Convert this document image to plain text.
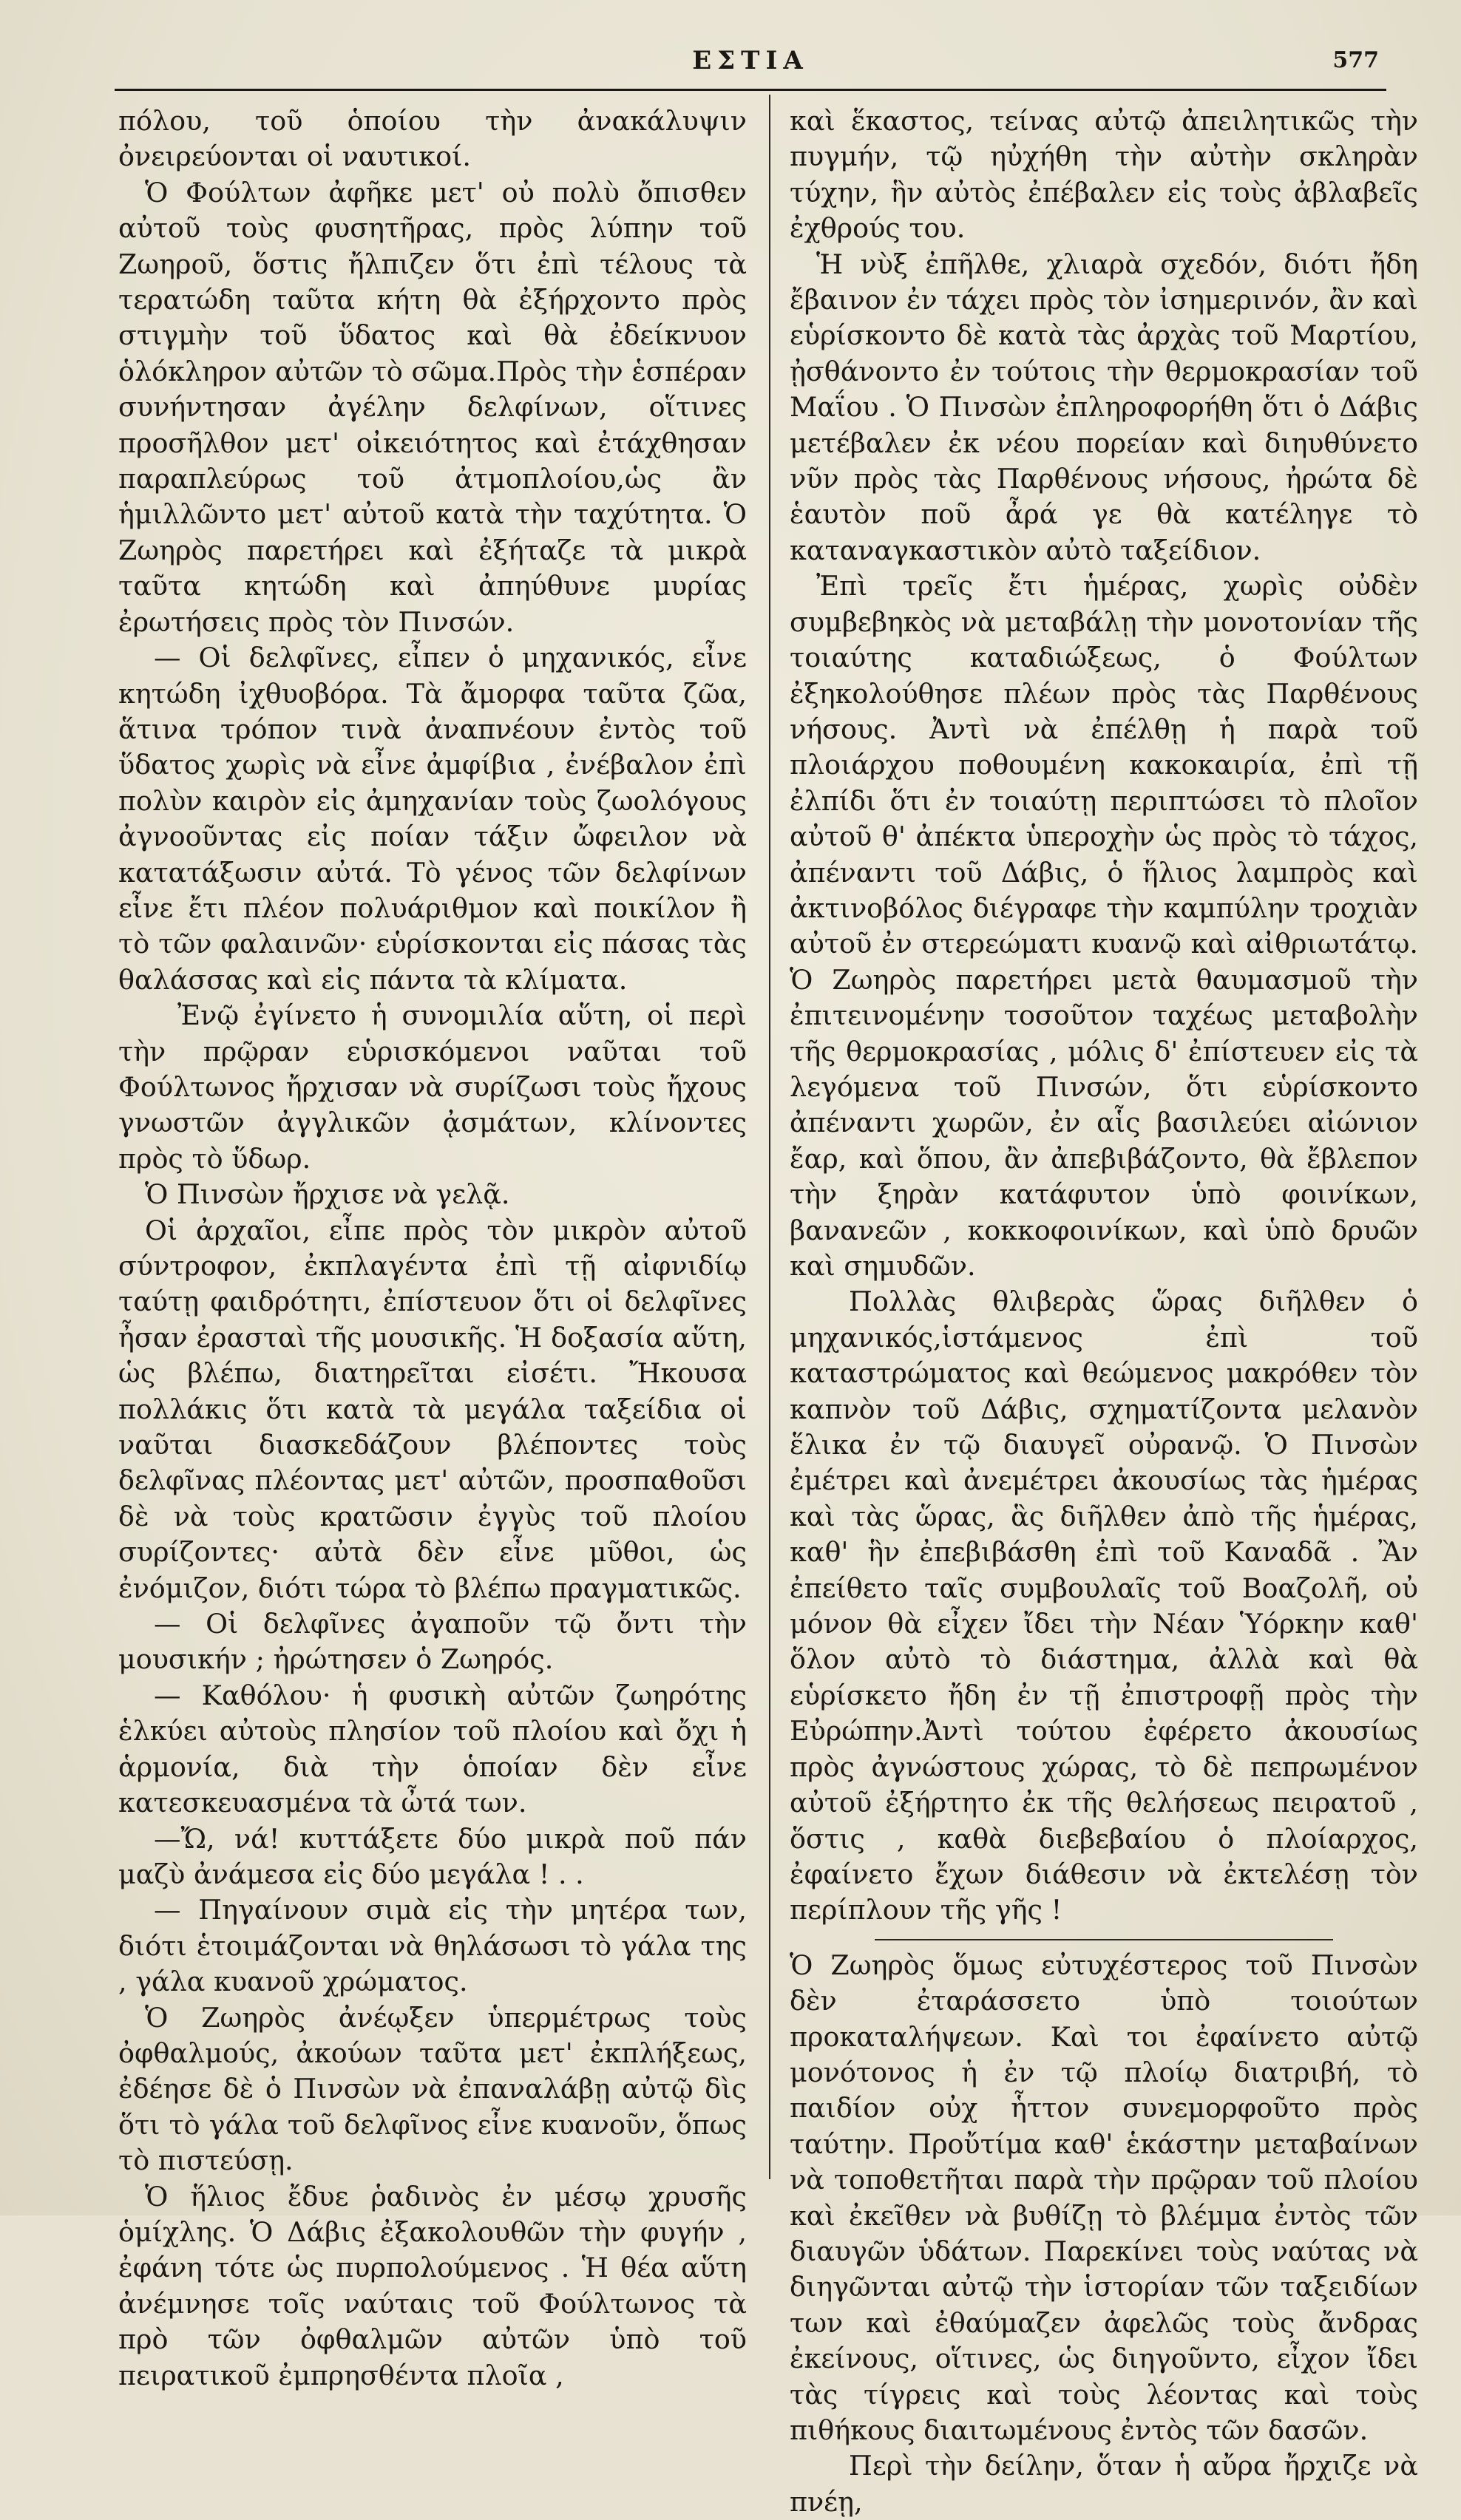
ΕΣΤΙΑ	577

πόλου, τοῦ ὁποίου τὴν ἀνακάλυψιν ὀνειρεύονται οἱ ναυτικοί.

Ὁ Φούλτων ἀφῆκε μετ' οὐ πολὺ ὄπισθεν αὐτοῦ τοὺς φυσητῆρας, πρὸς λύπην τοῦ Ζωηροῦ, ὅστις ἤλπιζεν ὅτι ἐπὶ τέλους τὰ τερατώδη ταῦτα κήτη θὰ ἐξήρχοντο πρὸς στιγμὴν τοῦ ὕδατος καὶ θὰ ἐδείκνυον ὁλόκληρον αὐτῶν τὸ σῶμα.Πρὸς τὴν ἑσπέραν συνήντησαν ἀγέλην δελφίνων, οἵτινες προσῆλθον μετ' οἰκειότητος καὶ ἐτάχθησαν παραπλεύρως τοῦ ἀτμοπλοίου,ὡς ἂν ἡμιλλῶντο μετ' αὐτοῦ κατὰ τὴν ταχύτητα. Ὁ Ζωηρὸς παρετήρει καὶ ἐξήταζε τὰ μικρὰ ταῦτα κητώδη καὶ ἀπηύθυνε μυρίας ἐρωτήσεις πρὸς τὸν Πινσών.

— Οἱ δελφῖνες, εἶπεν ὁ μηχανικός, εἶνε κητώδη ἰχθυοβόρα. Τὰ ἄμορφα ταῦτα ζῶα, ἅτινα τρόπον τινὰ ἀναπνέουν ἐντὸς τοῦ ὕδατος χωρὶς νὰ εἶνε ἀμφίβια , ἐνέβαλον ἐπὶ πολὺν καιρὸν εἰς ἀμηχανίαν τοὺς ζωολόγους ἀγνοοῦντας εἰς ποίαν τάξιν ὤφειλον νὰ κατατάξωσιν αὐτά. Τὸ γένος τῶν δελφίνων εἶνε ἔτι πλέον πολυάριθμον καὶ ποικίλον ἢ τὸ τῶν φαλαινῶν· εὑρίσκονται εἰς πάσας τὰς θαλάσσας καὶ εἰς πάντα τὰ κλίματα.

Ἐνῷ ἐγίνετο ἡ συνομιλία αὕτη, οἱ περὶ τὴν πρῷραν εὑρισκόμενοι ναῦται τοῦ Φούλτωνος ἤρχισαν νὰ συρίζωσι τοὺς ἤχους γνωστῶν ἀγγλικῶν ᾀσμάτων, κλίνοντες πρὸς τὸ ὕδωρ.

Ὁ Πινσὼν ἤρχισε νὰ γελᾷ.

Οἱ ἀρχαῖοι, εἶπε πρὸς τὸν μικρὸν αὐτοῦ σύντροφον, ἐκπλαγέντα ἐπὶ τῇ αἰφνιδίῳ ταύτῃ φαιδρότητι, ἐπίστευον ὅτι οἱ δελφῖνες ἦσαν ἐρασταὶ τῆς μουσικῆς. Ἡ δοξασία αὕτη, ὡς βλέπω, διατηρεῖται εἰσέτι. Ἤκουσα πολλάκις ὅτι κατὰ τὰ μεγάλα ταξείδια οἱ ναῦται διασκεδάζουν βλέποντες τοὺς δελφῖνας πλέοντας μετ' αὐτῶν, προσπαθοῦσι δὲ νὰ τοὺς κρατῶσιν ἐγγὺς τοῦ πλοίου συρίζοντες· αὐτὰ δὲν εἶνε μῦθοι, ὡς ἐνόμιζον, διότι τώρα τὸ βλέπω πραγματικῶς.

— Οἱ δελφῖνες ἀγαποῦν τῷ ὄντι τὴν μουσικήν ; ἠρώτησεν ὁ Ζωηρός.

— Καθόλου· ἡ φυσικὴ αὐτῶν ζωηρότης ἑλκύει αὐτοὺς πλησίον τοῦ πλοίου καὶ ὄχι ἡ ἁρμονία, διὰ τὴν ὁποίαν δὲν εἶνε κατεσκευασμένα τὰ ὦτά των.

—Ὤ, νά! κυττάξετε δύο μικρὰ ποῦ πάν μαζὺ ἀνάμεσα εἰς δύο μεγάλα ! . .

— Πηγαίνουν σιμὰ εἰς τὴν μητέρα των, διότι ἑτοιμάζονται νὰ θηλάσωσι τὸ γάλα της , γάλα κυανοῦ χρώματος.

Ὁ Ζωηρὸς ἀνέῳξεν ὑπερμέτρως τοὺς ὀφθαλμούς, ἀκούων ταῦτα μετ' ἐκπλήξεως, ἐδέησε δὲ ὁ Πινσὼν νὰ ἐπαναλάβῃ αὐτῷ δὶς ὅτι τὸ γάλα τοῦ δελφῖνος εἶνε κυανοῦν, ὅπως τὸ πιστεύσῃ.

Ὁ ἥλιος ἔδυε ῥαδινὸς ἐν μέσῳ χρυσῆς ὁμίχλης. Ὁ Δάβις ἐξακολουθῶν τὴν φυγήν , ἐφάνη τότε ὡς πυρπολούμενος . Ἡ θέα αὕτη ἀνέμνησε τοῖς ναύταις τοῦ Φούλτωνος τὰ πρὸ τῶν ὀφθαλμῶν αὐτῶν ὑπὸ τοῦ πειρατικοῦ ἐμπρησθέντα πλοῖα ,

καὶ ἕκαστος, τείνας αὐτῷ ἀπειλητικῶς τὴν πυγμήν, τῷ ηὐχήθη τὴν αὐτὴν σκληρὰν τύχην, ἣν αὐτὸς ἐπέβαλεν εἰς τοὺς ἀβλαβεῖς ἐχθρούς του.

Ἡ νὺξ ἐπῆλθε, χλιαρὰ σχεδόν, διότι ἤδη ἔβαινον ἐν τάχει πρὸς τὸν ἰσημερινόν, ἂν καὶ εὑρίσκοντο δὲ κατὰ τὰς ἀρχὰς τοῦ Μαρτίου, ᾐσθάνοντο ἐν τούτοις τὴν θερμοκρασίαν τοῦ Μαΐου . Ὁ Πινσὼν ἐπληροφορήθη ὅτι ὁ Δάβις μετέβαλεν ἐκ νέου πορείαν καὶ διηυθύνετο νῦν πρὸς τὰς Παρθένους νήσους, ἠρώτα δὲ ἑαυτὸν ποῦ ἆρά γε θὰ κατέληγε τὸ καταναγκαστικὸν αὐτὸ ταξείδιον.

Ἐπὶ τρεῖς ἔτι ἡμέρας, χωρὶς οὐδὲν συμβεβηκὸς νὰ μεταβάλῃ τὴν μονοτονίαν τῆς τοιαύτης καταδιώξεως, ὁ Φούλτων ἐξηκολούθησε πλέων πρὸς τὰς Παρθένους νήσους. Ἀντὶ νὰ ἐπέλθῃ ἡ παρὰ τοῦ πλοιάρχου ποθουμένη κακοκαιρία, ἐπὶ τῇ ἐλπίδι ὅτι ἐν τοιαύτῃ περιπτώσει τὸ πλοῖον αὐτοῦ θ' ἀπέκτα ὑπεροχὴν ὡς πρὸς τὸ τάχος, ἀπέναντι τοῦ Δάβις, ὁ ἥλιος λαμπρὸς καὶ ἀκτινοβόλος διέγραφε τὴν καμπύλην τροχιὰν αὐτοῦ ἐν στερεώματι κυανῷ καὶ αἰθριωτάτῳ. Ὁ Ζωηρὸς παρετήρει μετὰ θαυμασμοῦ τὴν ἐπιτεινομένην τοσοῦτον ταχέως μεταβολὴν τῆς θερμοκρασίας , μόλις δ' ἐπίστευεν εἰς τὰ λεγόμενα τοῦ Πινσών, ὅτι εὑρίσκοντο ἀπέναντι χωρῶν, ἐν αἷς βασιλεύει αἰώνιον ἔαρ, καὶ ὅπου, ἂν ἀπεβιβάζοντο, θὰ ἔβλεπον τὴν ξηρὰν κατάφυτον ὑπὸ φοινίκων, βανανεῶν , κοκκοφοινίκων, καὶ ὑπὸ δρυῶν καὶ σημυδῶν.

Πολλὰς θλιβερὰς ὥρας διῆλθεν ὁ μηχανικός,ἱστάμενος ἐπὶ τοῦ καταστρώματος καὶ θεώμενος μακρόθεν τὸν καπνὸν τοῦ Δάβις, σχηματίζοντα μελανὸν ἕλικα ἐν τῷ διαυγεῖ οὐρανῷ. Ὁ Πινσὼν ἐμέτρει καὶ ἀνεμέτρει ἀκουσίως τὰς ἡμέρας καὶ τὰς ὥρας, ἃς διῆλθεν ἀπὸ τῆς ἡμέρας, καθ' ἣν ἐπεβιβάσθη ἐπὶ τοῦ Καναδᾶ . Ἂν ἐπείθετο ταῖς συμβουλαῖς τοῦ Βοαζολῆ, οὐ μόνον θὰ εἶχεν ἴδει τὴν Νέαν Ὑόρκην καθ' ὅλον αὐτὸ τὸ διάστημα, ἀλλὰ καὶ θὰ εὑρίσκετο ἤδη ἐν τῇ ἐπιστροφῇ πρὸς τὴν Εὐρώπην.Ἀντὶ τούτου ἐφέρετο ἀκουσίως πρὸς ἀγνώστους χώρας, τὸ δὲ πεπρωμένον αὐτοῦ ἐξήρτητο ἐκ τῆς θελήσεως πειρατοῦ , ὅστις , καθὰ διεβεβαίου ὁ πλοίαρχος, ἐφαίνετο ἔχων διάθεσιν νὰ ἐκτελέσῃ τὸν περίπλουν τῆς γῆς !

Ὁ Ζωηρὸς ὅμως εὐτυχέστερος τοῦ Πινσὼν δὲν ἐταράσσετο ὑπὸ τοιούτων προκαταλήψεων. Καὶ τοι ἐφαίνετο αὐτῷ μονότονος ἡ ἐν τῷ πλοίῳ διατριβή, τὸ παιδίον οὐχ ἧττον συνεμορφοῦτο πρὸς ταύτην. Προὔτίμα καθ' ἑκάστην μεταβαίνων νὰ τοποθετῆται παρὰ τὴν πρῷραν τοῦ πλοίου καὶ ἐκεῖθεν νὰ βυθίζῃ τὸ βλέμμα ἐντὸς τῶν διαυγῶν ὑδάτων. Παρεκίνει τοὺς ναύτας νὰ διηγῶνται αὐτῷ τὴν ἱστορίαν τῶν ταξειδίων των καὶ ἐθαύμαζεν ἀφελῶς τοὺς ἄνδρας ἐκείνους, οἵτινες, ὡς διηγοῦντο, εἶχον ἴδει τὰς τίγρεις καὶ τοὺς λέοντας καὶ τοὺς πιθήκους διαιτωμένους ἐντὸς τῶν δασῶν.

Περὶ τὴν δείλην, ὅταν ἡ αὔρα ἤρχιζε νὰ πνέῃ,
